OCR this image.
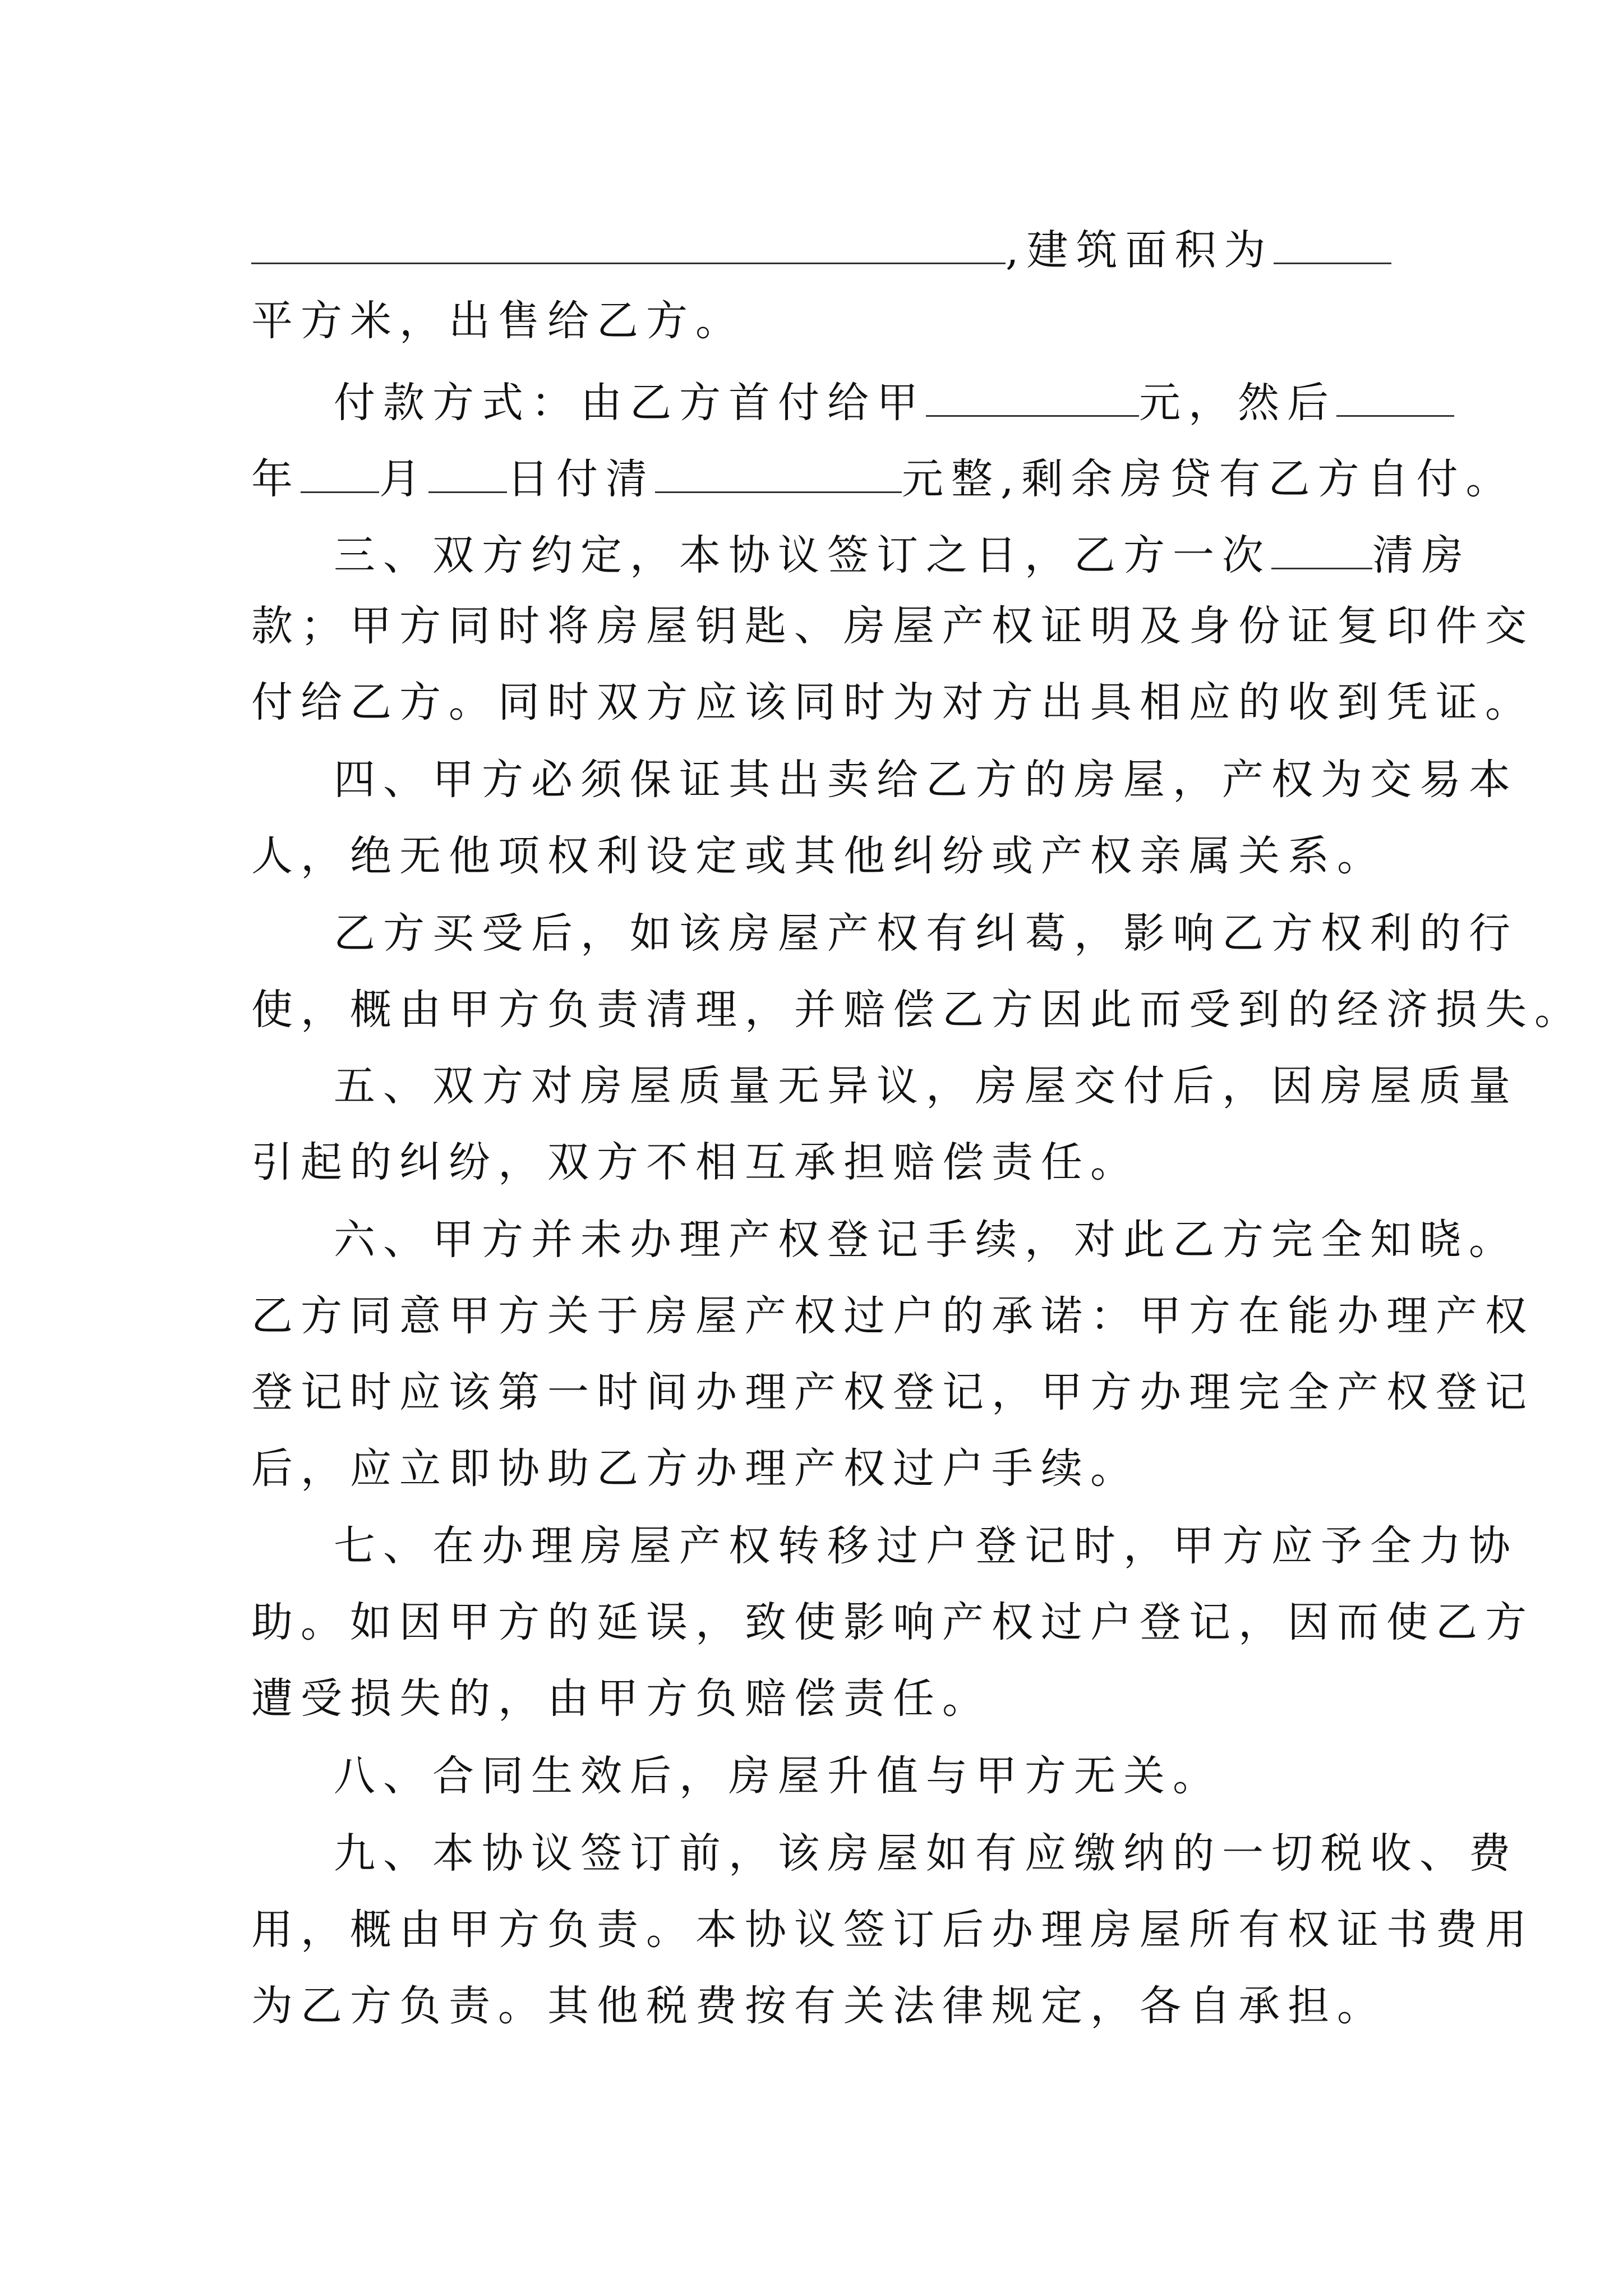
,建筑面积为
平方米，出售给乙方。
付款方式：由乙方首付给甲	元，然后
年 月 日付清	元整,剩余房贷有乙方自付。
三、双方约定，本协议签订之日，乙方一次 清房
款；甲方同时将房屋钥匙、房屋产权证明及身份证复印件交
付给乙方。同时双方应该同时为对方出具相应的收到凭证。
四、甲方必须保证其出卖给乙方的房屋，产权为交易本
人，绝无他项权利设定或其他纠纷或产权亲属关系。
乙方买受后，如该房屋产权有纠葛，影响乙方权利的行
使，概由甲方负责清理，并赔偿乙方因此而受到的经济损失。
五、双方对房屋质量无异议，房屋交付后，因房屋质量
引起的纠纷，双方不相互承担赔偿责任。
六、甲方并未办理产权登记手续，对此乙方完全知晓。
乙方同意甲方关于房屋产权过户的承诺：甲方在能办理产权
登记时应该第一时间办理产权登记，甲方办理完全产权登记
后，应立即协助乙方办理产权过户手续。
七、在办理房屋产权转移过户登记时，甲方应予全力协
助。如因甲方的延误，致使影响产权过户登记，因而使乙方
遭受损失的，由甲方负赔偿责任。
八、合同生效后，房屋升值与甲方无关。
九、本协议签订前，该房屋如有应缴纳的一切税收、费
用，概由甲方负责。本协议签订后办理房屋所有权证书费用
为乙方负责。其他税费按有关法律规定，各自承担。
